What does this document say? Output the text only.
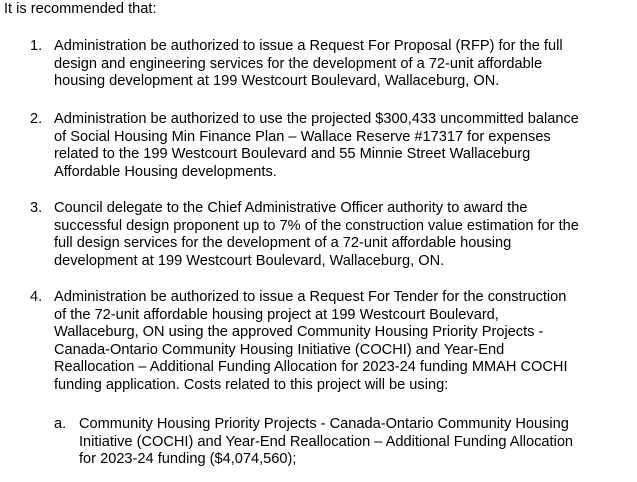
It is recommended that:

1. Administration be authorized to issue a Request For Proposal (RFP) for the full
design and engineering services for the development of a 72-unit affordable
housing development at 199 Westcourt Boulevard, Wallaceburg, ON.
2. Administration be authorized to use the projected $300,433 uncommitted balance
of Social Housing Min Finance Plan – Wallace Reserve #17317 for expenses
related to the 199 Westcourt Boulevard and 55 Minnie Street Wallaceburg
Affordable Housing developments.
3. Council delegate to the Chief Administrative Officer authority to award the
successful design proponent up to 7% of the construction value estimation for the
full design services for the development of a 72-unit affordable housing
development at 199 Westcourt Boulevard, Wallaceburg, ON.
4. Administration be authorized to issue a Request For Tender for the construction
of the 72-unit affordable housing project at 199 Westcourt Boulevard,
Wallaceburg, ON using the approved Community Housing Priority Projects -
Canada-Ontario Community Housing Initiative (COCHI) and Year-End
Reallocation – Additional Funding Allocation for 2023-24 funding MMAH COCHI
funding application. Costs related to this project will be using:
a. Community Housing Priority Projects - Canada-Ontario Community Housing
Initiative (COCHI) and Year-End Reallocation – Additional Funding Allocation
for 2023-24 funding ($4,074,560);
